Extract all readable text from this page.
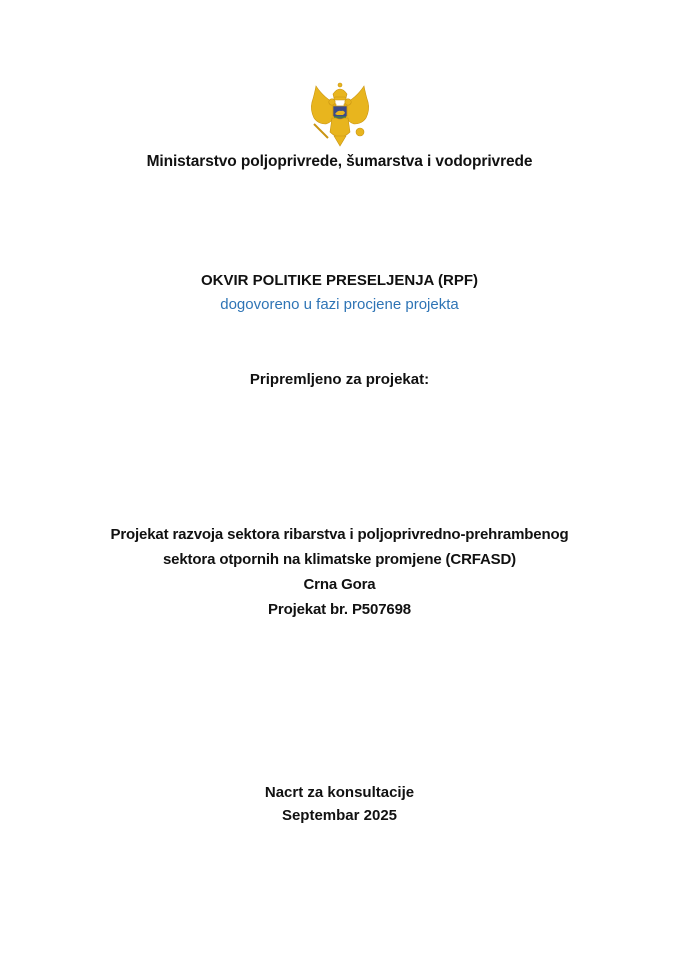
Ministarstvo poljoprivrede, šumarstva i vodoprivrede
OKVIR POLITIKE PRESELJENJA (RPF)
dogovoreno u fazi procjene projekta
Pripremljeno za projekat:
Projekat razvoja sektora ribarstva i poljoprivredno-prehrambenog
sektora otpornih na klimatske promjene (CRFASD)
Crna Gora
Projekat br. P507698
Nacrt za konsultacije
Septembar 2025
